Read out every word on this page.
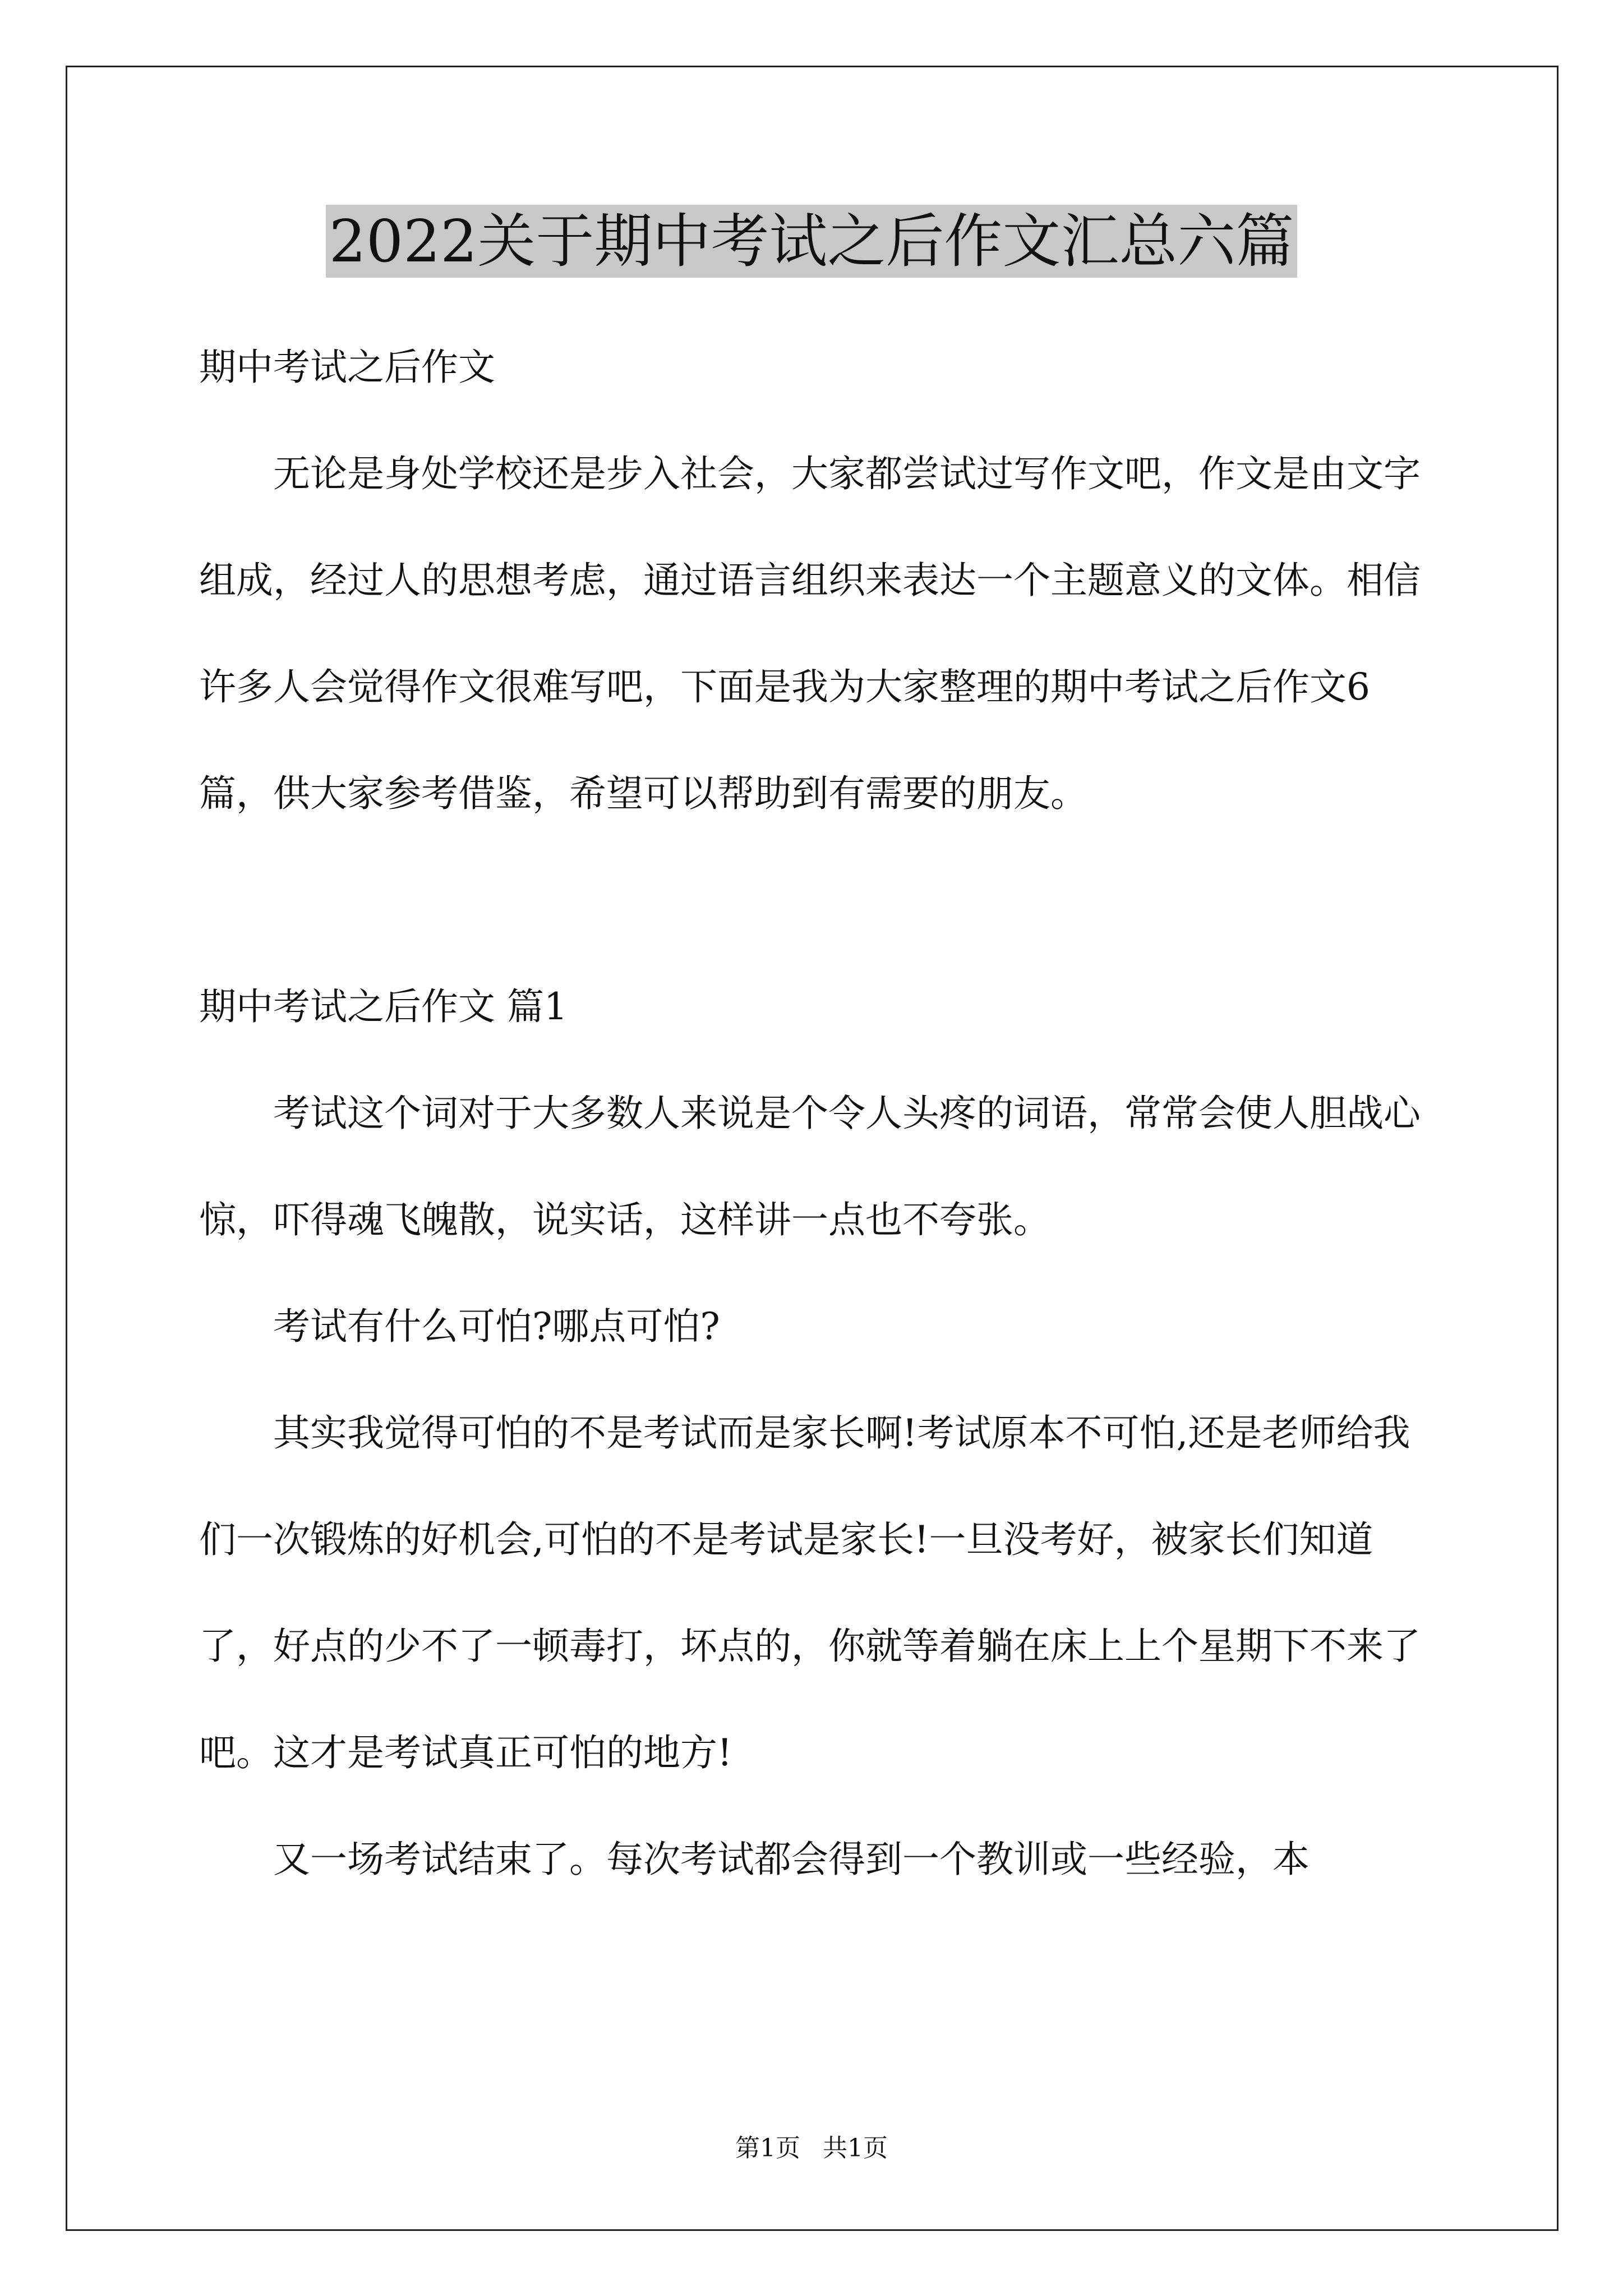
2022关于期中考试之后作文汇总六篇

期中考试之后作文

无论是身处学校还是步入社会，大家都尝试过写作文吧，作文是由文字组成，经过人的思想考虑，通过语言组织来表达一个主题意义的文体。相信许多人会觉得作文很难写吧，下面是我为大家整理的期中考试之后作文6篇，供大家参考借鉴，希望可以帮助到有需要的朋友。

期中考试之后作文 篇1

考试这个词对于大多数人来说是个令人头疼的词语，常常会使人胆战心惊，吓得魂飞魄散，说实话，这样讲一点也不夸张。

考试有什么可怕?哪点可怕?

其实我觉得可怕的不是考试而是家长啊!考试原本不可怕,还是老师给我们一次锻炼的好机会,可怕的不是考试是家长!一旦没考好，被家长们知道了，好点的少不了一顿毒打，坏点的，你就等着躺在床上上个星期下不来了吧。这才是考试真正可怕的地方!

又一场考试结束了。每次考试都会得到一个教训或一些经验，本

第1页 共1页
